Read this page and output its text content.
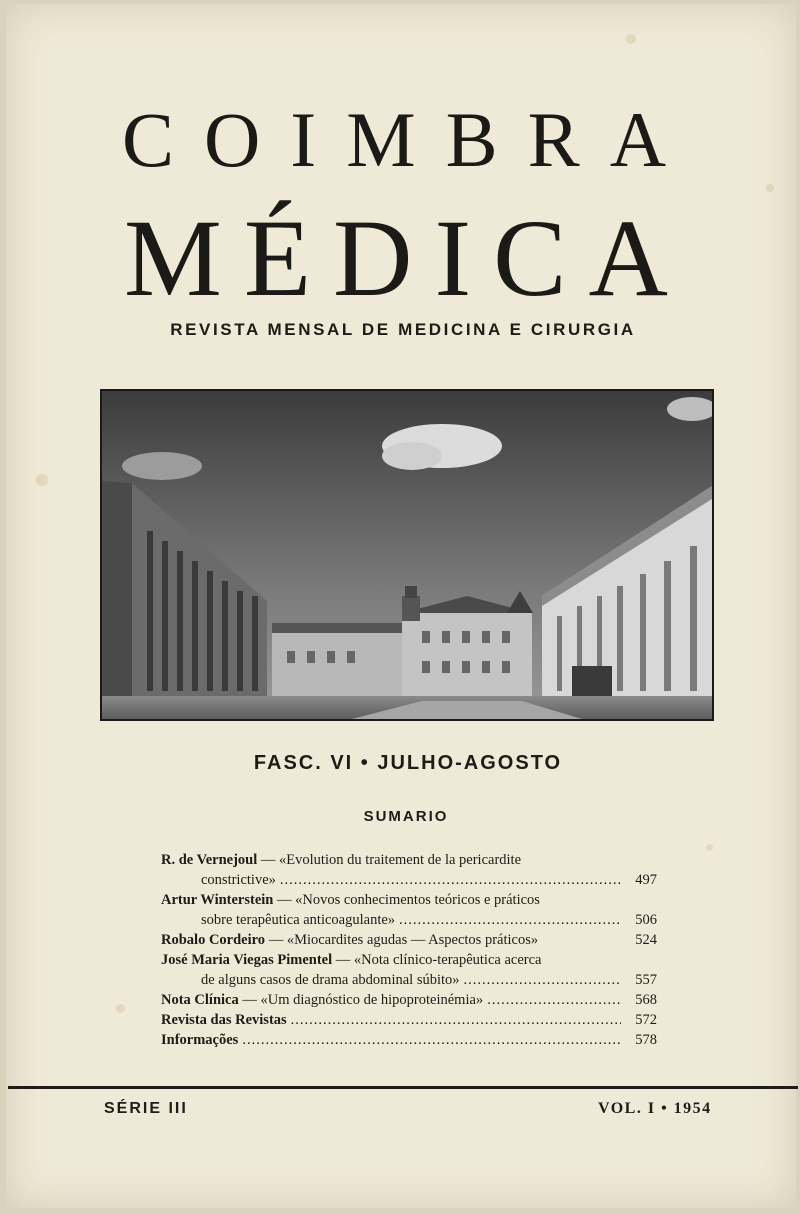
COIMBRA
MÉDICA
REVISTA MENSAL DE MEDICINA E CIRURGIA
FASC. VI • JULHO-AGOSTO
SUMARIO
R. de Vernejoul — «Evolution du traitement de la pericardite
constrictive» .....	497
Artur Winterstein — «Novos conhecimentos teóricos e práticos
sobre terapêutica anticoagulante» .....	506
Robalo Cordeiro — «Miocardites agudas — Aspectos práticos»	524
José Maria Viegas Pimentel — «Nota clínico-terapêutica acerca
de alguns casos de drama abdominal súbito» .....	557
Nota Clínica — «Um diagnóstico de hipoproteinémia» .....	568
Revista das Revistas .....	572
Informações .....	578
SÉRIE III	VOL. I • 1954
